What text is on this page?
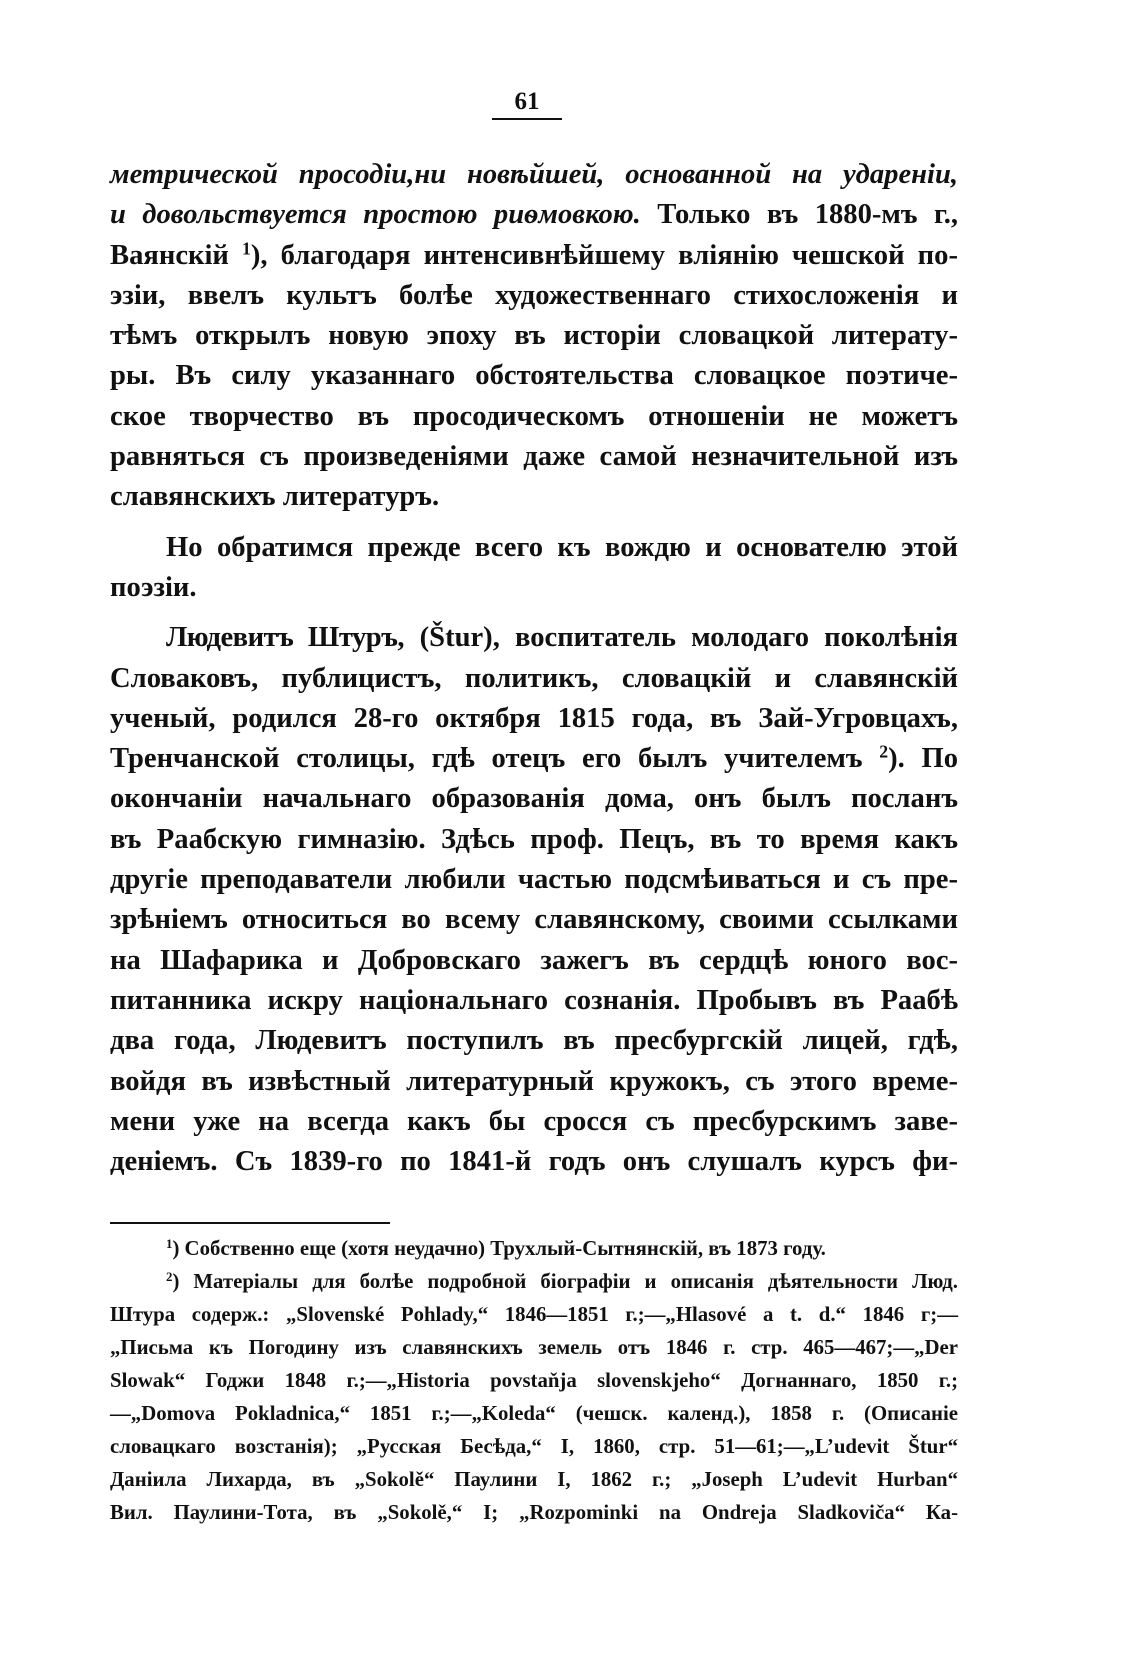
61
метрической просодіи,ни новѣйшей, основанной на удареніи,
и довольствуется простою риѳмовкою. Только въ 1880-мъ г.,
Ваянскій $^1$), благодаря интенсивнѣйшему вліянію чешской по-
эзіи, ввелъ культъ болѣе художественнаго стихосложенія и
тѣмъ открылъ новую эпоху въ исторіи словацкой литерату-
ры. Въ силу указаннаго обстоятельства словацкое поэтиче-
ское творчество въ просодическомъ отношеніи не можетъ
равняться съ произведеніями даже самой незначительной изъ
славянскихъ литературъ.
Но обратимся прежде всего къ вождю и основателю этой
поэзіи.
Людевитъ Штуръ, (Štur), воспитатель молодаго поколѣнія
Словаковъ, публицистъ, политикъ, словацкій и славянскій
ученый, родился 28-го октября 1815 года, въ Зай-Угровцахъ,
Тренчанской столицы, гдѣ отецъ его былъ учителемъ $^2$). По
окончаніи начальнаго образованія дома, онъ былъ посланъ
въ Раабскую гимназію. Здѣсь проф. Пецъ, въ то время какъ
другіе преподаватели любили частью подсмѣиваться и съ пре-
зрѣніемъ относиться во всему славянскому, своими ссылками
на Шафарика и Добровскаго зажегъ въ сердцѣ юного вос-
питанника искру національнаго сознанія. Пробывъ въ Раабѣ
два года, Людевитъ поступилъ въ пресбургскій лицей, гдѣ,
войдя въ извѣстный литературный кружокъ, съ этого време-
мени уже на всегда какъ бы сросся съ пресбурскимъ заве-
деніемъ. Съ 1839-го по 1841-й годъ онъ слушалъ курсъ фи-
$^1$) Собственно еще (хотя неудачно) Трухлый-Сытнянскій, въ 1873 году.
$^2$) Матеріалы для болѣе подробной біографіи и описанія дѣятельности Люд.
Штура содерж.: „Slovenské Pohlady,“ 1846—1851 г.;—„Hlasové a t. d.“ 1846 г;—
„Письма къ Погодину изъ славянскихъ земель отъ 1846 г. стр. 465—467;—„Der
Slowak“ Годжи 1848 г.;—„Historia povstaňja slovenskjeho“ Догнаннаго, 1850 г.;
—„Domova Pokladnica,“ 1851 г.;—„Koleda“ (чешск. календ.), 1858 г. (Описаніе
словацкаго возстанія); „Русская Бесѣда,“ I, 1860, стр. 51—61;—„L’udevit Štur“
Даніила Лихарда, въ „Sokolě“ Паулини I, 1862 г.; „Joseph L’udevit Hurban“
Вил. Паулини-Тота, въ „Sokolě,“ I; „Rozpominki na Ondreja Sladkoviča“ Ка-
